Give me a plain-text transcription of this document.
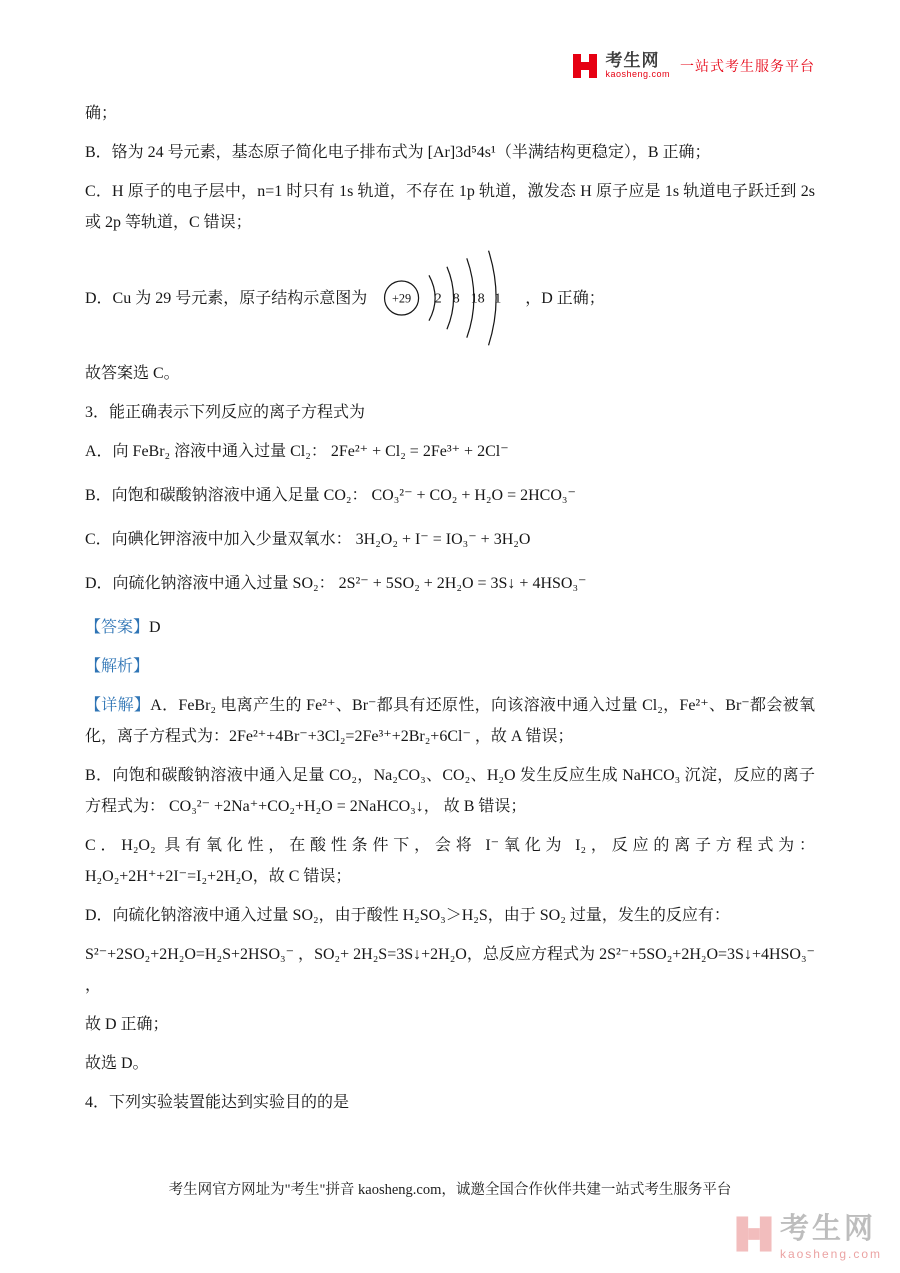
考生网
kaosheng.com
一站式考生服务平台

确；

B．铬为 24 号元素，基态原子简化电子排布式为 [Ar]3d⁵4s¹（半满结构更稳定），B 正确；

C．H 原子的电子层中，n=1 时只有 1s 轨道，不存在 1p 轨道，激发态 H 原子应是 1s 轨道电子跃迁到 2s 或 2p 等轨道，C 错误；

D．Cu 为 29 号元素，原子结构示意图为 +29 2 8 18 1 ，D 正确；

故答案选 C。

3．能正确表示下列反应的离子方程式为

A．向 FeBr₂ 溶液中通入过量 Cl₂： 2Fe²⁺ + Cl₂ = 2Fe³⁺ + 2Cl⁻

B．向饱和碳酸钠溶液中通入足量 CO₂： CO₃²⁻ + CO₂ + H₂O = 2HCO₃⁻

C．向碘化钾溶液中加入少量双氧水： 3H₂O₂ + I⁻ = IO₃⁻ + 3H₂O

D．向硫化钠溶液中通入过量 SO₂： 2S²⁻ + 5SO₂ + 2H₂O = 3S↓ + 4HSO₃⁻

【答案】D

【解析】

【详解】A．FeBr₂ 电离产生的 Fe²⁺、Br⁻都具有还原性，向该溶液中通入过量 Cl₂，Fe²⁺、Br⁻都会被氧化，离子方程式为：2Fe²⁺+4Br⁻+3Cl₂=2Fe³⁺+2Br₂+6Cl⁻ ，故 A 错误；

B．向饱和碳酸钠溶液中通入足量 CO₂，Na₂CO₃、CO₂、H₂O 发生反应生成 NaHCO₃ 沉淀，反应的离子方程式为： CO₃²⁻ +2Na⁺+CO₂+H₂O = 2NaHCO₃↓， 故 B 错误；

C．H₂O₂ 具有氧化性，在酸性条件下，会将 I⁻氧化为 I₂，反应的离子方程式为：H₂O₂+2H⁺+2I⁻=I₂+2H₂O，故 C 错误；

D．向硫化钠溶液中通入过量 SO₂，由于酸性 H₂SO₃＞H₂S，由于 SO₂ 过量，发生的反应有：

S²⁻+2SO₂+2H₂O=H₂S+2HSO₃⁻ ，SO₂+ 2H₂S=3S↓+2H₂O，总反应方程式为 2S²⁻+5SO₂+2H₂O=3S↓+4HSO₃⁻ ，

故 D 正确；

故选 D。

4．下列实验装置能达到实验目的的是

考生网官方网址为"考生"拼音 kaosheng.com，诚邀全国合作伙伴共建一站式考生服务平台
考生网
kaosheng.com
